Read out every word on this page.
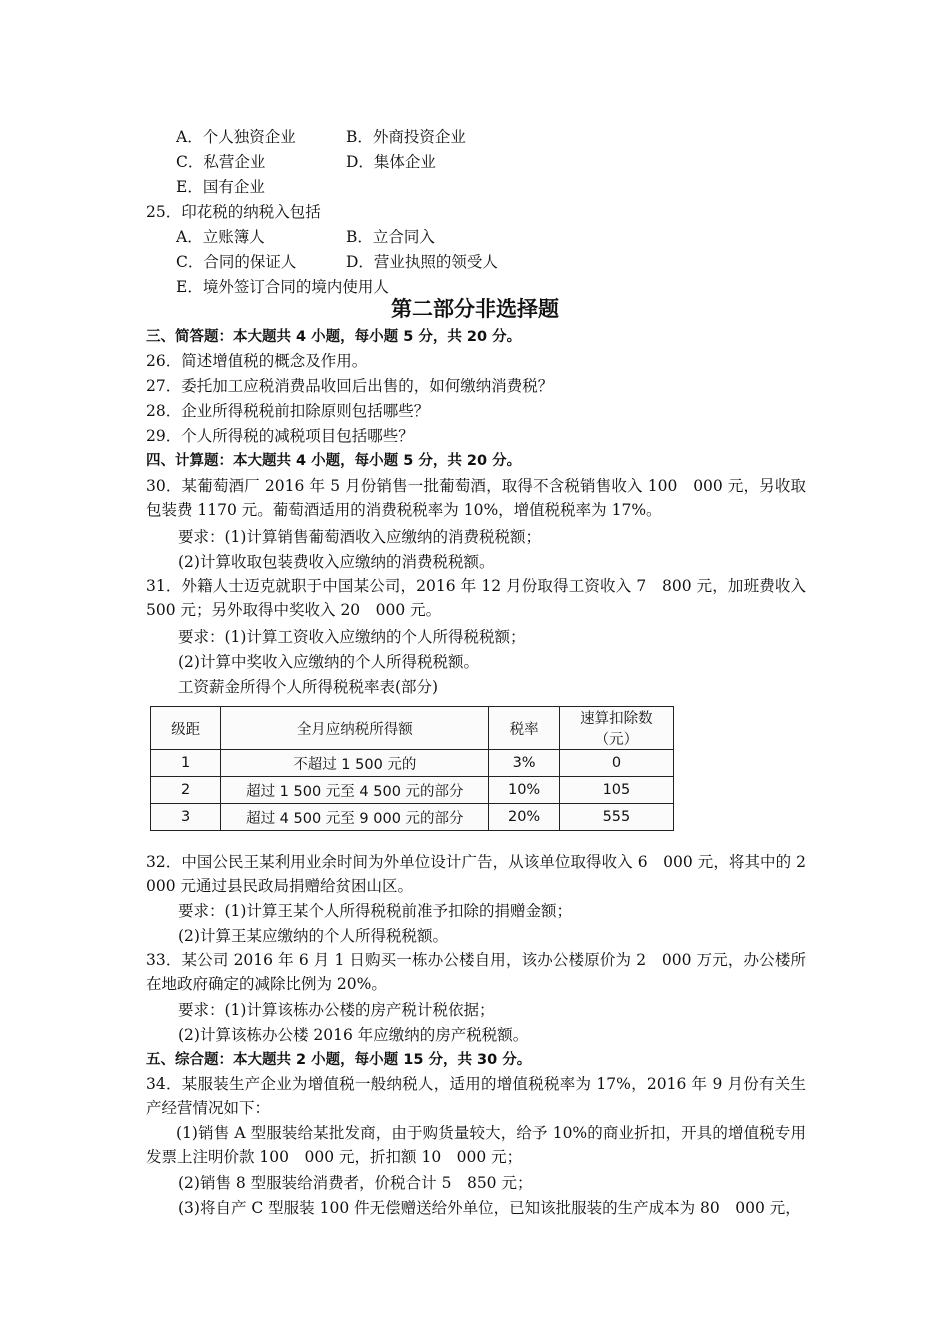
A．个人独资企业	B．外商投资企业
C．私营企业	D．集体企业
E．国有企业
25．印花税的纳税入包括
A．立账簿人	B．立合同入
C．合同的保证人	D．营业执照的领受人
E．境外签订合同的境内使用人
第二部分非选择题
三、简答题：本大题共 4 小题，每小题 5 分，共 20 分。
26．简述增值税的概念及作用。
27．委托加工应税消费品收回后出售的，如何缴纳消费税？
28．企业所得税税前扣除原则包括哪些？
29．个人所得税的减税项目包括哪些？
四、计算题：本大题共 4 小题，每小题 5 分，共 20 分。
30．某葡萄酒厂 2016 年 5 月份销售一批葡萄酒，取得不含税销售收入 100　000 元，另收取包装费 1170 元。葡萄酒适用的消费税税率为 10%，增值税税率为 17%。
要求：(1)计算销售葡萄酒收入应缴纳的消费税税额；
(2)计算收取包装费收入应缴纳的消费税税额。
31．外籍人士迈克就职于中国某公司，2016 年 12 月份取得工资收入 7　800 元，加班费收入 500 元；另外取得中奖收入 20　000 元。
要求：(1)计算工资收入应缴纳的个人所得税税额；
(2)计算中奖收入应缴纳的个人所得税税额。
工资薪金所得个人所得税税率表(部分)
级距	全月应纳税所得额	税率	速算扣除数
（元）

1	不超过 1 500 元的	3%	0
2	超过 1 500 元至 4 500 元的部分	10%	105
3	超过 4 500 元至 9 000 元的部分	20%	555
32．中国公民王某利用业余时间为外单位设计广告，从该单位取得收入 6　000 元，将其中的 2　000 元通过县民政局捐赠给贫困山区。
要求：(1)计算王某个人所得税税前准予扣除的捐赠金额；
(2)计算王某应缴纳的个人所得税税额。
33．某公司 2016 年 6 月 1 日购买一栋办公楼自用，该办公楼原价为 2　000 万元，办公楼所在地政府确定的减除比例为 20%。
要求：(1)计算该栋办公楼的房产税计税依据；
(2)计算该栋办公楼 2016 年应缴纳的房产税税额。
五、综合题：本大题共 2 小题，每小题 15 分，共 30 分。
34．某服装生产企业为增值税一般纳税人，适用的增值税税率为 17%，2016 年 9 月份有关生产经营情况如下：
(1)销售 A 型服装给某批发商，由于购货量较大，给予 10%的商业折扣，开具的增值税专用发票上注明价款 100　000 元，折扣额 10　000 元；
(2)销售 8 型服装给消费者，价税合计 5　850 元；
(3)将自产 C 型服装 100 件无偿赠送给外单位，已知该批服装的生产成本为 80　000 元，
